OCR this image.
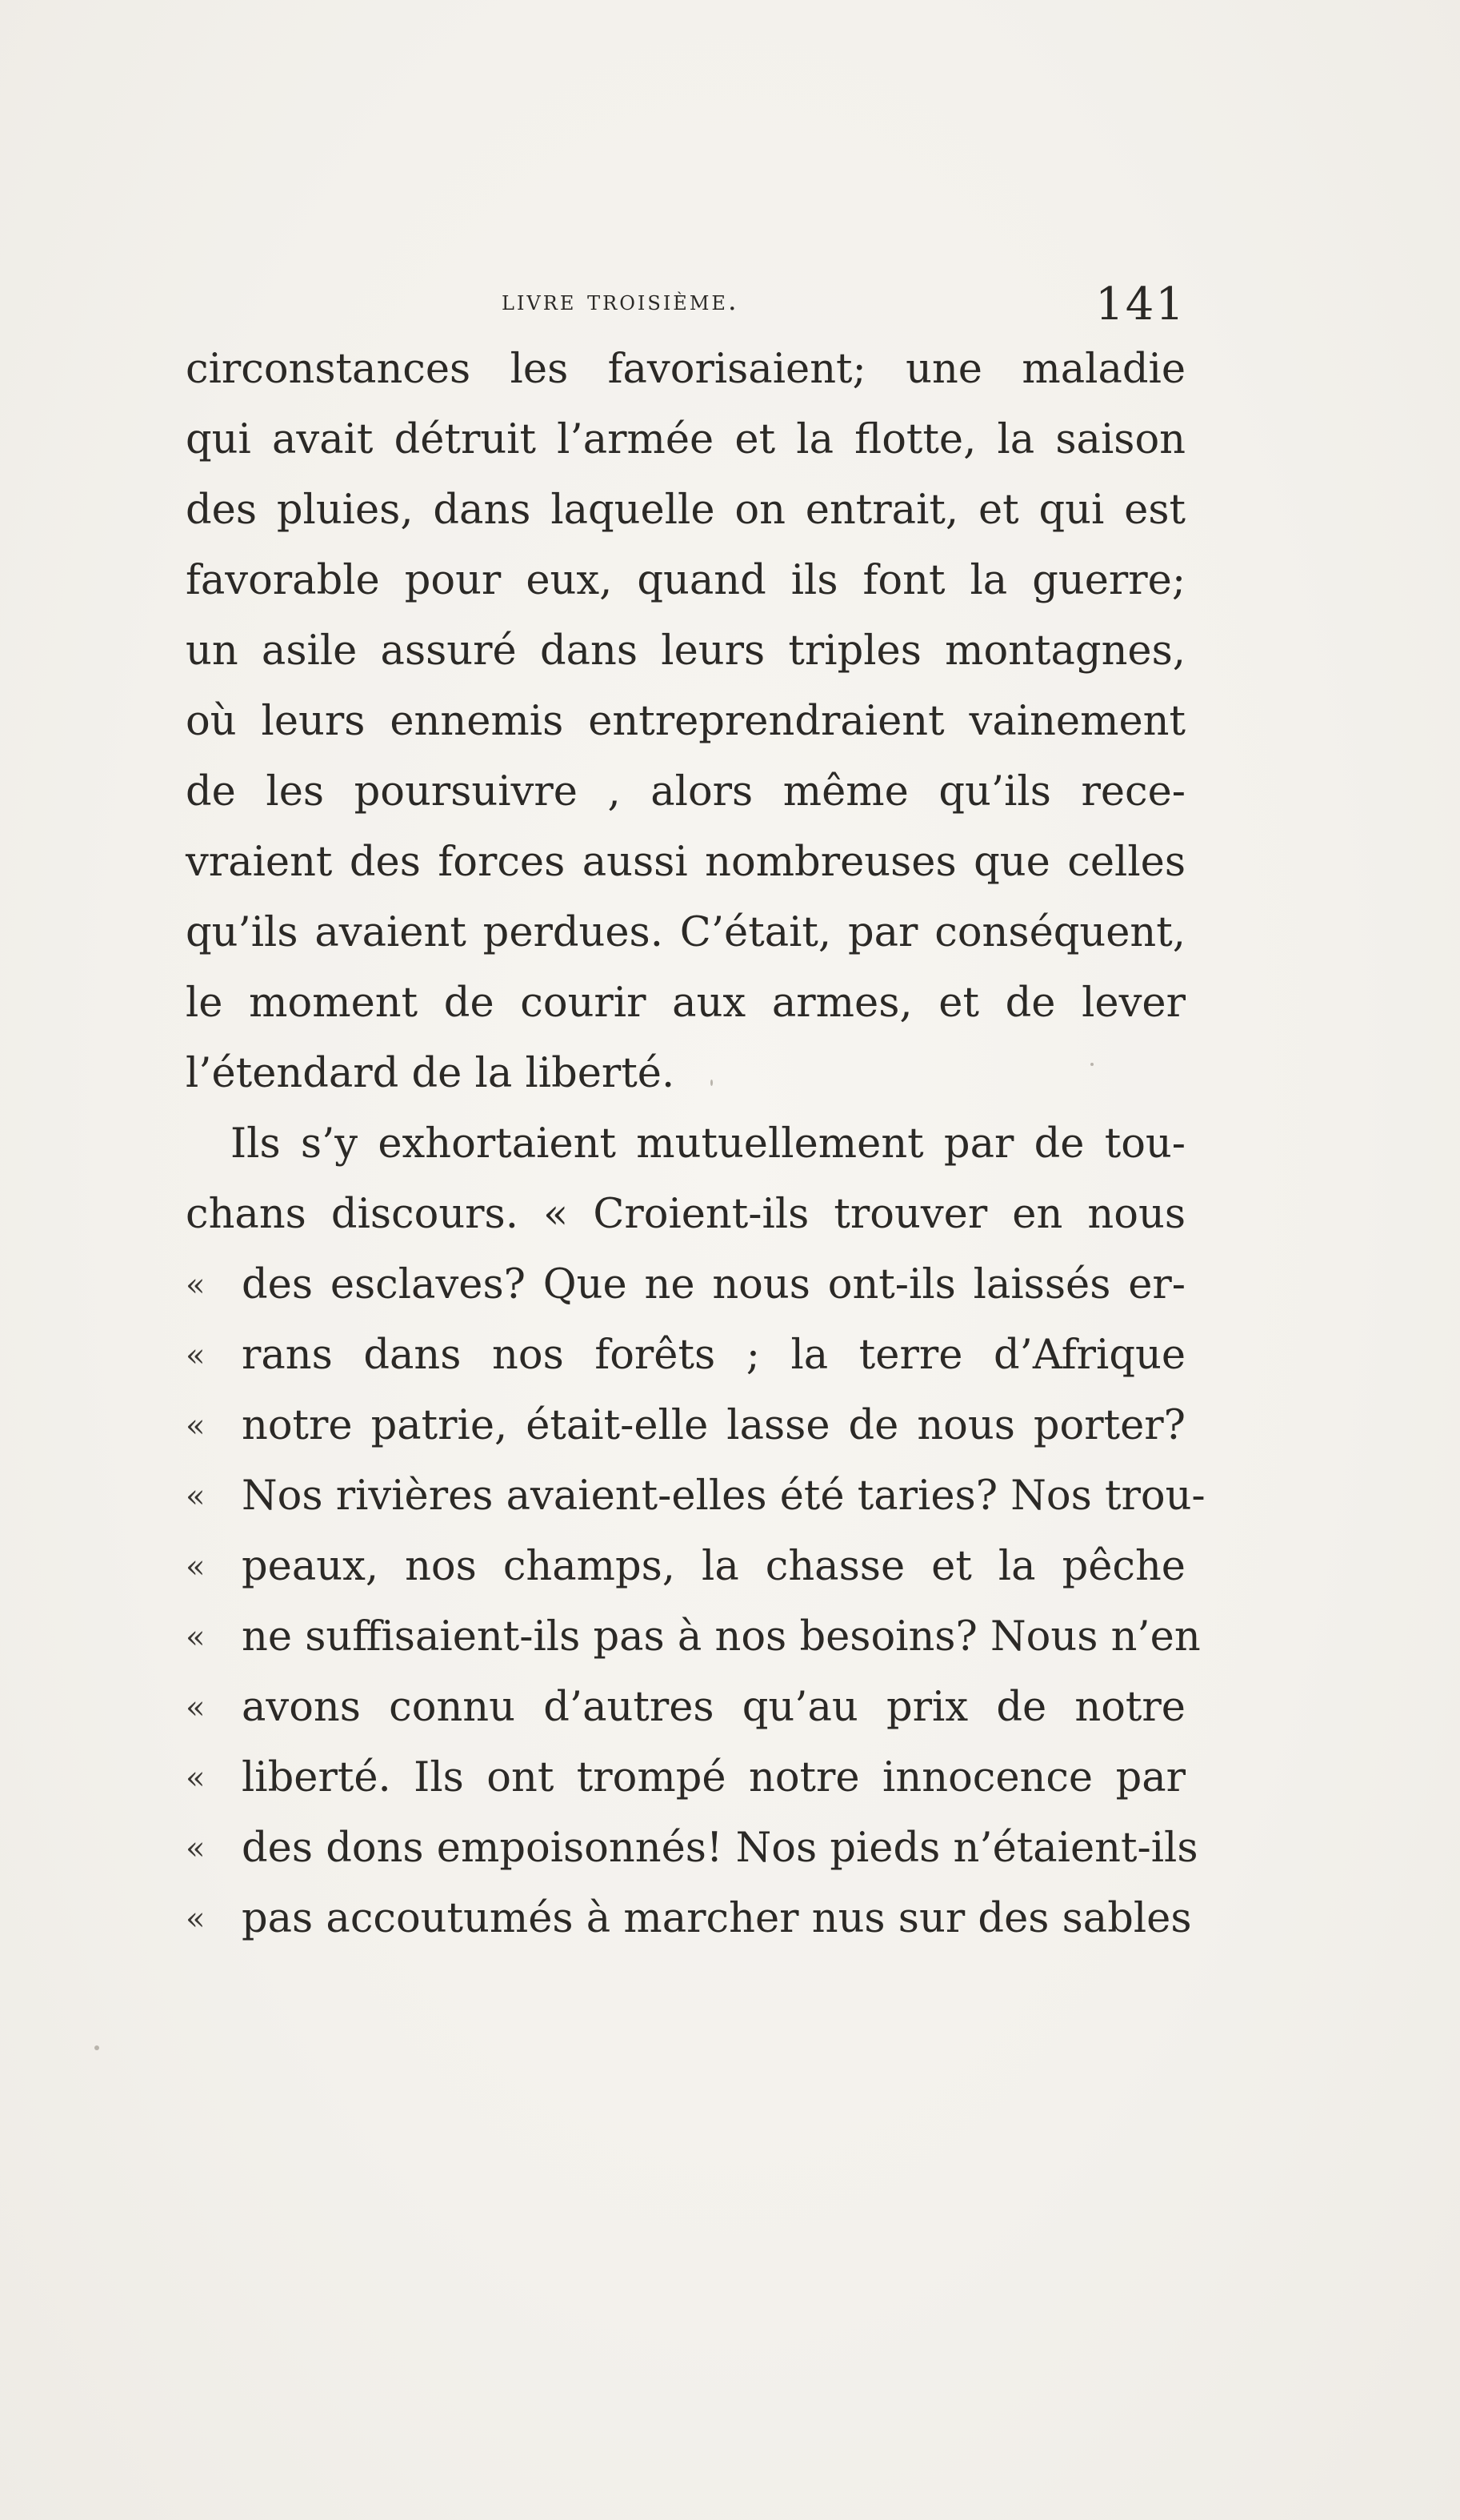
livre troisième.	141
circonstances les favorisaient; une maladie
qui avait détruit l’armée et la flotte, la saison
des pluies, dans laquelle on entrait, et qui est
favorable pour eux, quand ils font la guerre;
un asile assuré dans leurs triples montagnes,
où leurs ennemis entreprendraient vainement
de les poursuivre , alors même qu’ils rece-
vraient des forces aussi nombreuses que celles
qu’ils avaient perdues. C’était, par conséquent,
le moment de courir aux armes, et de lever
l’étendard de la liberté.
Ils s’y exhortaient mutuellement par de tou-
chans discours. « Croient-ils trouver en nous
« des esclaves? Que ne nous ont-ils laissés er-
« rans dans nos forêts ; la terre d’Afrique
« notre patrie, était-elle lasse de nous porter?
« Nos rivières avaient-elles été taries? Nos trou-
« peaux, nos champs, la chasse et la pêche
« ne suffisaient-ils pas à nos besoins? Nous n’en
« avons connu d’autres qu’au prix de notre
« liberté. Ils ont trompé notre innocence par
« des dons empoisonnés! Nos pieds n’étaient-ils
« pas accoutumés à marcher nus sur des sables
